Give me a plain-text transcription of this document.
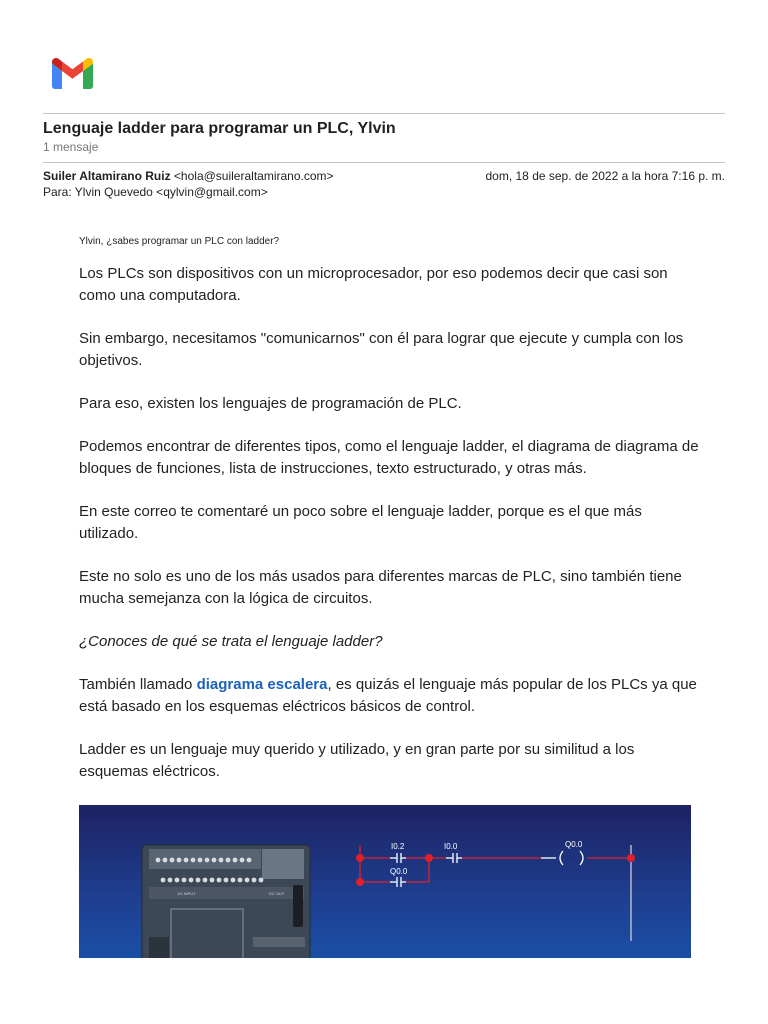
Lenguaje ladder para programar un PLC, Ylvin
1 mensaje
Suiler Altamirano Ruiz <hola@suileraltamirano.com>	dom, 18 de sep. de 2022 a la hora 7:16 p. m.
Para: Ylvin Quevedo <qylvin@gmail.com>

Ylvin, ¿sabes programar un PLC con ladder?

Los PLCs son dispositivos con un microprocesador, por eso podemos decir que casi son como una computadora.

Sin embargo, necesitamos "comunicarnos" con él para lograr que ejecute y cumpla con los objetivos.

Para eso, existen los lenguajes de programación de PLC.

Podemos encontrar de diferentes tipos, como el lenguaje ladder, el diagrama de diagrama de bloques de funciones, lista de instrucciones, texto estructurado, y otras más.

En este correo te comentaré un poco sobre el lenguaje ladder, porque es el que más utilizado.

Este no solo es uno de los más usados para diferentes marcas de PLC, sino también tiene mucha semejanza con la lógica de circuitos.

¿Conoces de qué se trata el lenguaje ladder?

También llamado diagrama escalera, es quizás el lenguaje más popular de los PLCs ya que está basado en los esquemas eléctricos básicos de control.

Ladder es un lenguaje muy querido y utilizado, y en gran parte por su similitud a los esquemas eléctricos.

1/0 INPUT	DC OUT
I0.2	I0.0
Q0.0
Q0.0
